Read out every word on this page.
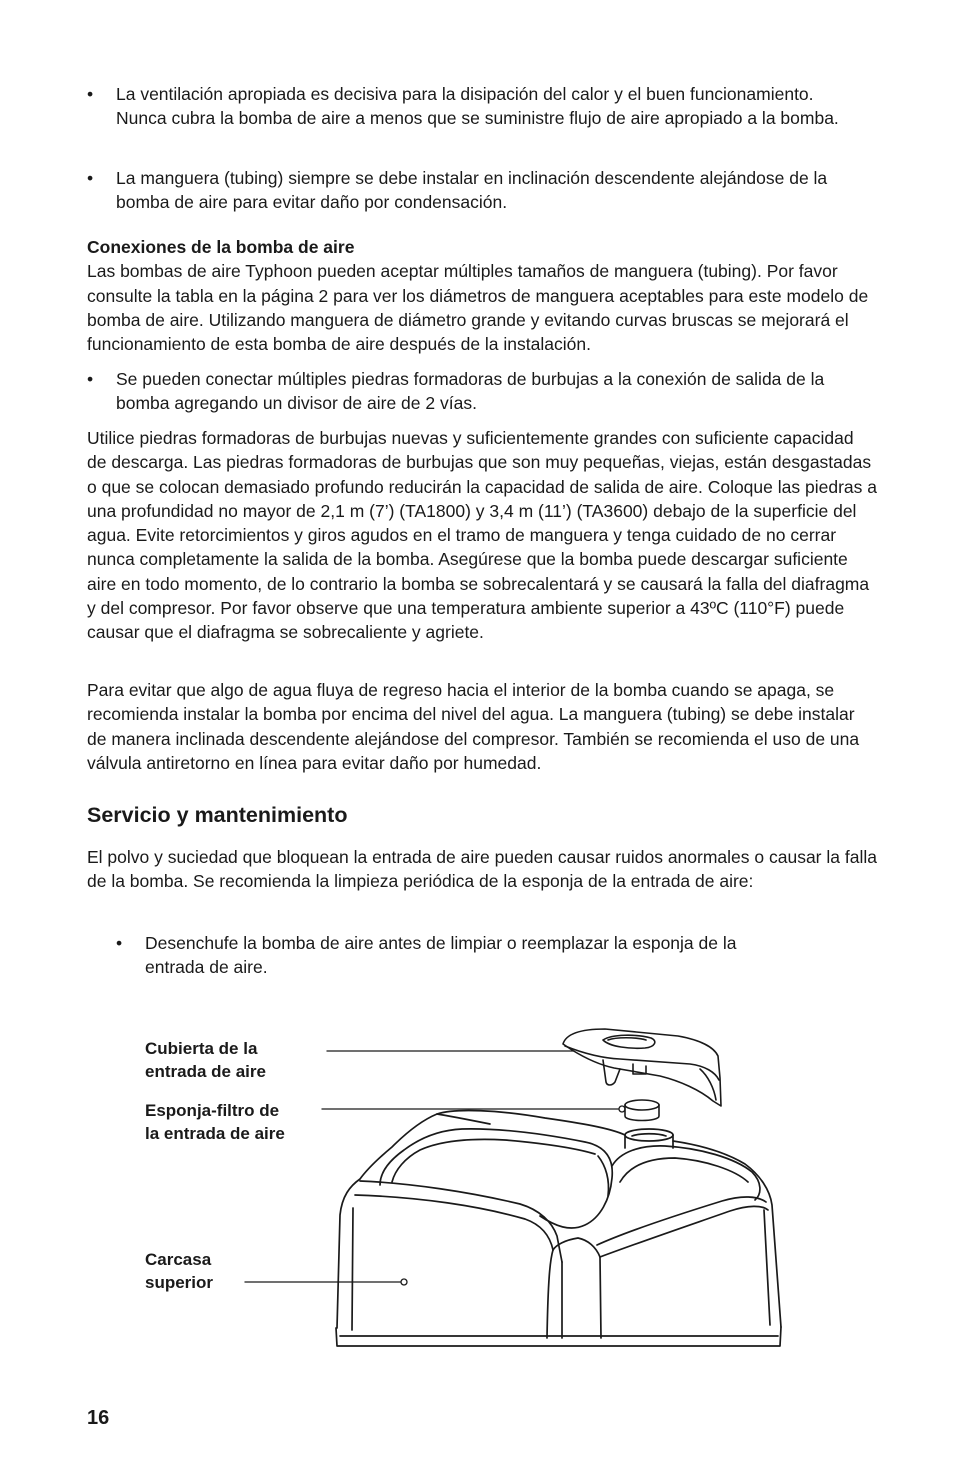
• La ventilación apropiada es decisiva para la disipación del calor y el buen funcionamiento. Nunca cubra la bomba de aire a menos que se suministre flujo de aire apropiado a la bomba.
• La manguera (tubing) siempre se debe instalar en inclinación descendente alejándose de la bomba de aire para evitar daño por condensación.
Conexiones de la bomba de aire
Las bombas de aire Typhoon pueden aceptar múltiples tamaños de manguera (tubing). Por favor consulte la tabla en la página 2 para ver los diámetros de manguera aceptables para este modelo de bomba de aire. Utilizando manguera de diámetro grande y evitando curvas bruscas se mejorará el funcionamiento de esta bomba de aire después de la instalación.
• Se pueden conectar múltiples piedras formadoras de burbujas a la conexión de salida de la bomba agregando un divisor de aire de 2 vías.

Utilice piedras formadoras de burbujas nuevas y suficientemente grandes con suficiente capacidad de descarga. Las piedras formadoras de burbujas que son muy pequeñas, viejas, están desgastadas o que se colocan demasiado profundo reducirán la capacidad de salida de aire. Coloque las piedras a una profundidad no mayor de 2,1 m (7’) (TA1800) y 3,4 m (11’) (TA3600) debajo de la superficie del agua. Evite retorcimientos y giros agudos en el tramo de manguera y tenga cuidado de no cerrar nunca completamente la salida de la bomba. Asegúrese que la bomba puede descargar suficiente aire en todo momento, de lo contrario la bomba se sobrecalentará y se causará la falla del diafragma y del compresor. Por favor observe que una temperatura ambiente superior a 43ºC (110°F) puede causar que el diafragma se sobrecaliente y agriete.

Para evitar que algo de agua fluya de regreso hacia el interior de la bomba cuando se apaga, se recomienda instalar la bomba por encima del nivel del agua. La manguera (tubing) se debe instalar de manera inclinada descendente alejándose del compresor. También se recomienda el uso de una válvula antiretorno en línea para evitar daño por humedad.

Servicio y mantenimiento

El polvo y suciedad que bloquean la entrada de aire pueden causar ruidos anormales o causar la falla de la bomba. Se recomienda la limpieza periódica de la esponja de la entrada de aire:

• Desenchufe la bomba de aire antes de limpiar o reemplazar la esponja de la entrada de aire.
Cubierta de la
entrada de aire
Esponja-filtro de
la entrada de aire
Carcasa
superior
16
